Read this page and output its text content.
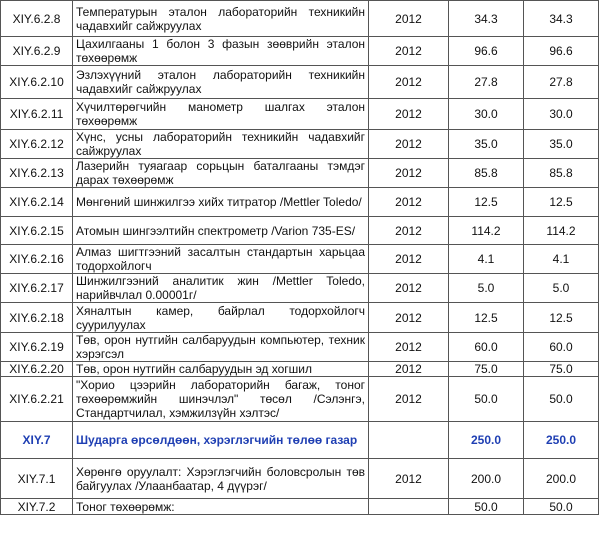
XIY.6.2.8	Температурын эталон лабораторийн техникийн чадавхийг сайжруулах	2012	34.3	34.3
XIY.6.2.9	Цахилгааны 1 болон 3 фазын зөөврийн эталон төхөөрөмж	2012	96.6	96.6
XIY.6.2.10	Эзлэхүүний эталон лабораторийн техникийн чадавхийг сайжруулах	2012	27.8	27.8
XIY.6.2.11	Хүчилтөрөгчийн манометр шалгах эталон төхөөрөмж	2012	30.0	30.0
XIY.6.2.12	Хүнс, усны лабораторийн техникийн чадавхийг сайжруулах	2012	35.0	35.0
XIY.6.2.13	Лазерийн туяагаар сорьцын баталгааны тэмдэг дарах төхөөрөмж	2012	85.8	85.8
XIY.6.2.14	Мөнгөний шинжилгээ хийх титратор /Mettler Toledo/	2012	12.5	12.5
XIY.6.2.15	Атомын шингээлтийн спектрометр /Varion 735-ES/	2012	114.2	114.2
XIY.6.2.16	Алмаз шигтгээний засалтын стандартын харьцаа тодорхойлогч	2012	4.1	4.1
XIY.6.2.17	Шинжилгээний аналитик жин /Mettler Toledo, нарийвчлал 0.00001г/	2012	5.0	5.0
XIY.6.2.18	Хяналтын камер, байрлал тодорхойлогч суурилуулах	2012	12.5	12.5
XIY.6.2.19	Төв, орон нутгийн салбаруудын компьютер, техник хэрэгсэл	2012	60.0	60.0
XIY.6.2.20	Төв, орон нутгийн салбаруудын эд хогшил	2012	75.0	75.0
XIY.6.2.21	"Хорио цээрийн лабораторийн багаж, тоног төхөөрөмжийн шинэчлэл" төсөл /Сэлэнгэ, Стандартчилал, хэмжилзүйн хэлтэс/	2012	50.0	50.0
XIY.7	Шударга өрсөлдөөн, хэрэглэгчийн төлөө газар		250.0	250.0
XIY.7.1	Хөрөнгө оруулалт: Хэрэглэгчийн боловсролын төв байгуулах /Улаанбаатар, 4 дүүрэг/	2012	200.0	200.0
XIY.7.2	Тоног төхөөрөмж:		50.0	50.0
